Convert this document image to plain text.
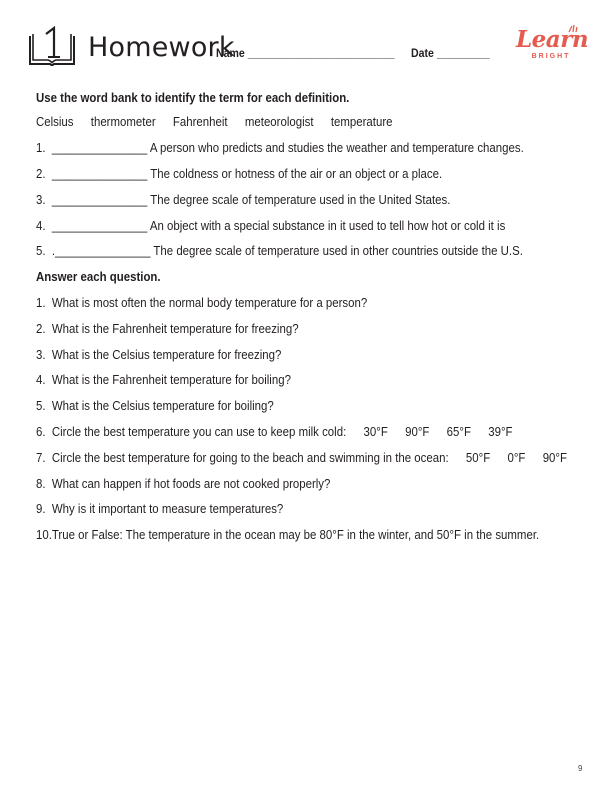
Homework
Name _________________________ Date _________ Learn
BRIGHT
Use the word bank to identify the term for each definition.
Celsius thermometer Fahrenheit meteorologist temperature
1. _______________ A person who predicts and studies the weather and temperature changes.
2. _______________ The coldness or hotness of the air or an object or a place.
3. _______________ The degree scale of temperature used in the United States.
4. _______________ An object with a special substance in it used to tell how hot or cold it is
5. ._______________ The degree scale of temperature used in other countries outside the U.S.
Answer each question.
1. What is most often the normal body temperature for a person?
2. What is the Fahrenheit temperature for freezing?
3. What is the Celsius temperature for freezing?
4. What is the Fahrenheit temperature for boiling?
5. What is the Celsius temperature for boiling?
6. Circle the best temperature you can use to keep milk cold: 30°F 90°F 65°F 39°F
7. Circle the best temperature for going to the beach and swimming in the ocean: 50°F 0°F 90°F
8. What can happen if hot foods are not cooked properly?
9. Why is it important to measure temperatures?
10.True or False: The temperature in the ocean may be 80°F in the winter, and 50°F in the summer.
9
